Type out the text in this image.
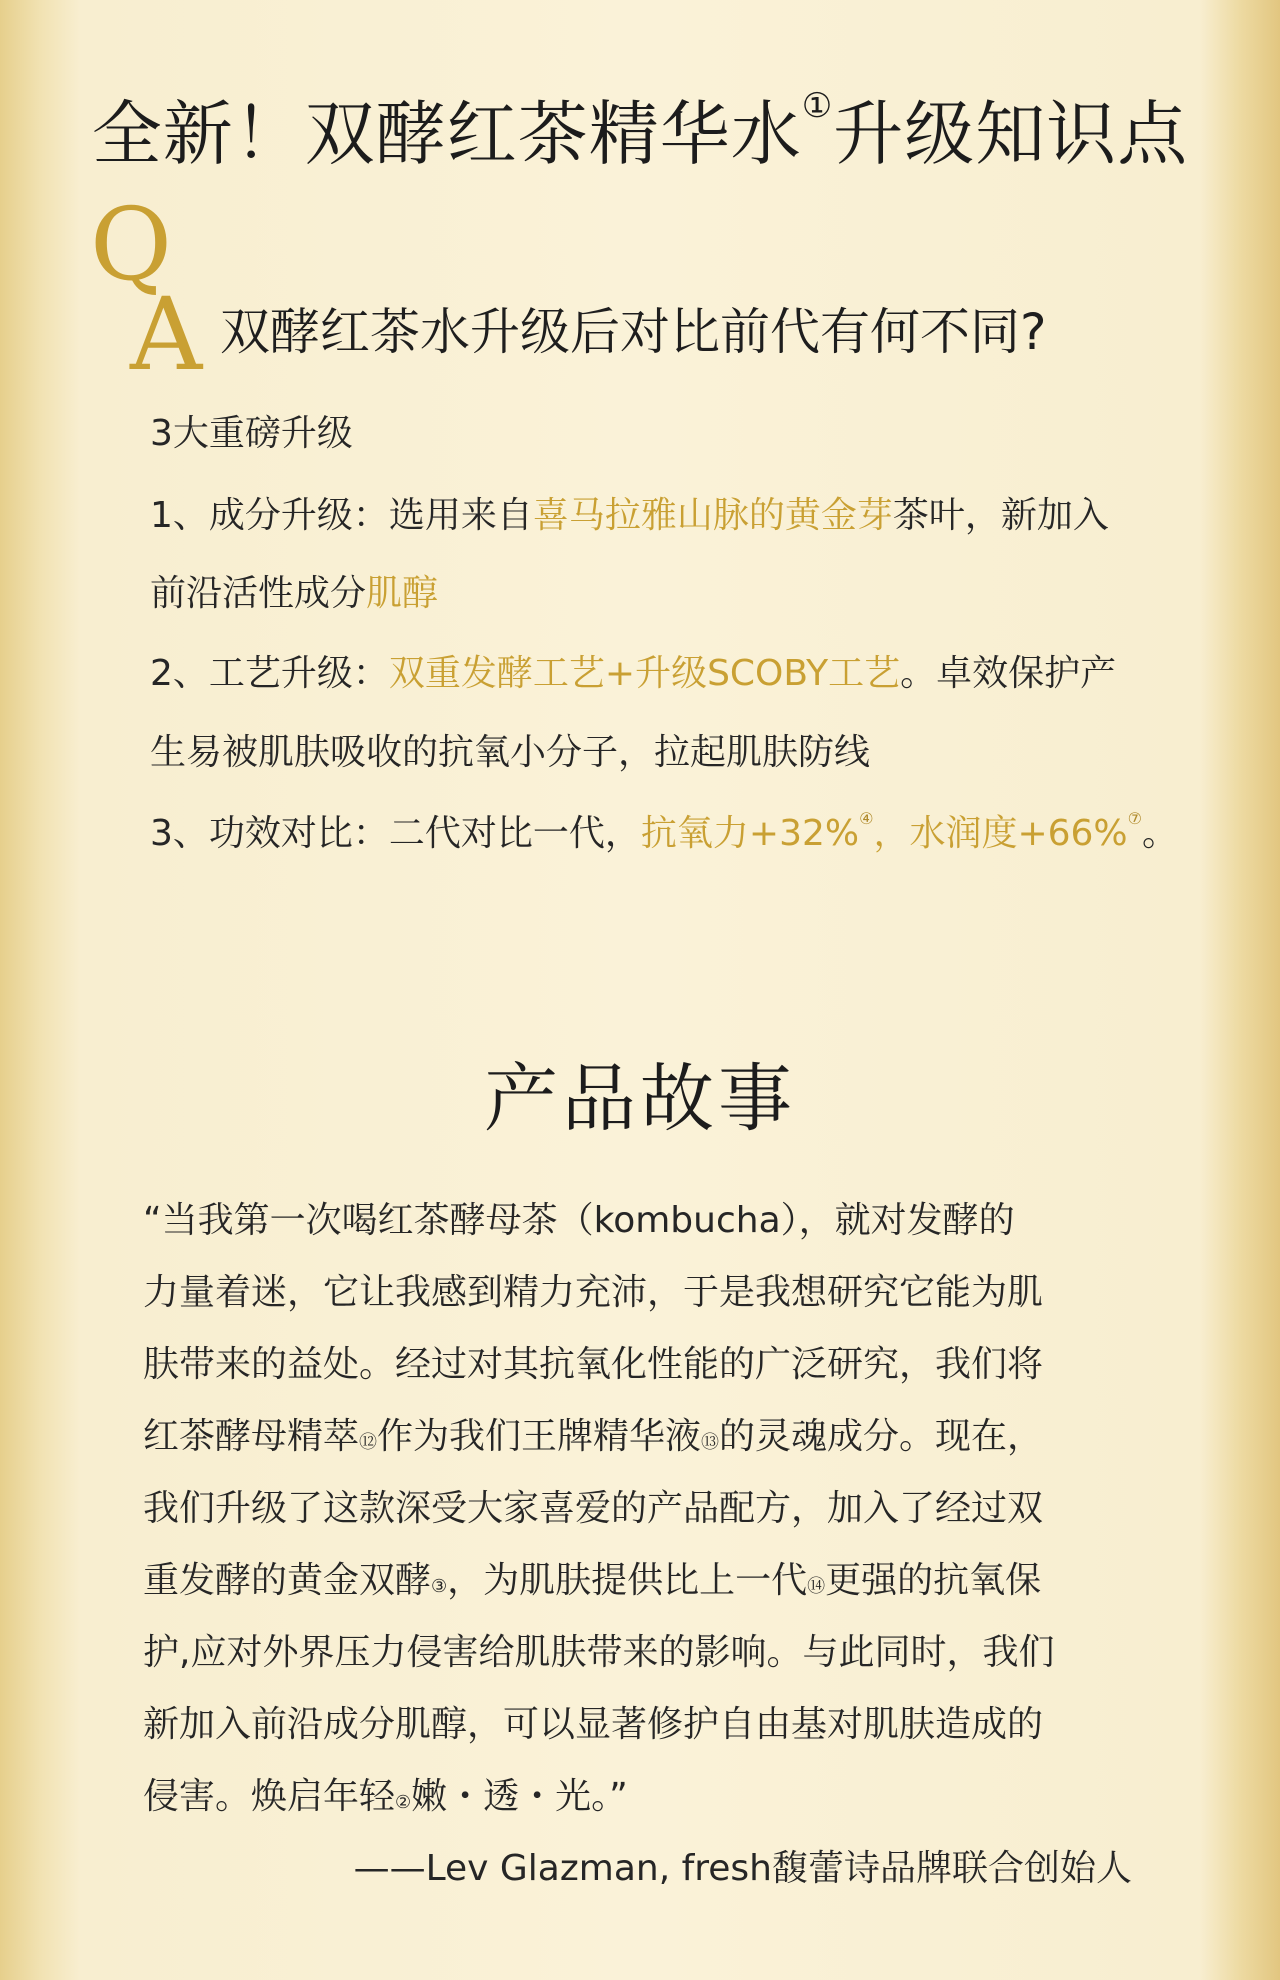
全新！双酵红茶精华水①升级知识点
Q
A 双酵红茶水升级后对比前代有何不同?
3大重磅升级
1、成分升级：选用来自喜马拉雅山脉的黄金芽茶叶，新加入
前沿活性成分肌醇
2、工艺升级：双重发酵工艺+升级SCOBY工艺。卓效保护产
生易被肌肤吸收的抗氧小分子，拉起肌肤防线
3、功效对比：二代对比一代，抗氧力+32%④，水润度+66%⑦。
产品故事
“当我第一次喝红茶酵母茶（kombucha），就对发酵的
力量着迷，它让我感到精力充沛，于是我想研究它能为肌
肤带来的益处。经过对其抗氧化性能的广泛研究，我们将
红茶酵母精萃⑫作为我们王牌精华液⑬的灵魂成分。现在，
我们升级了这款深受大家喜爱的产品配方，加入了经过双
重发酵的黄金双酵③，为肌肤提供比上一代⑭更强的抗氧保
护,应对外界压力侵害给肌肤带来的影响。与此同时，我们
新加入前沿成分肌醇，可以显著修护自由基对肌肤造成的
侵害。焕启年轻②嫩・透・光。”
——Lev Glazman, fresh馥蕾诗品牌联合创始人
